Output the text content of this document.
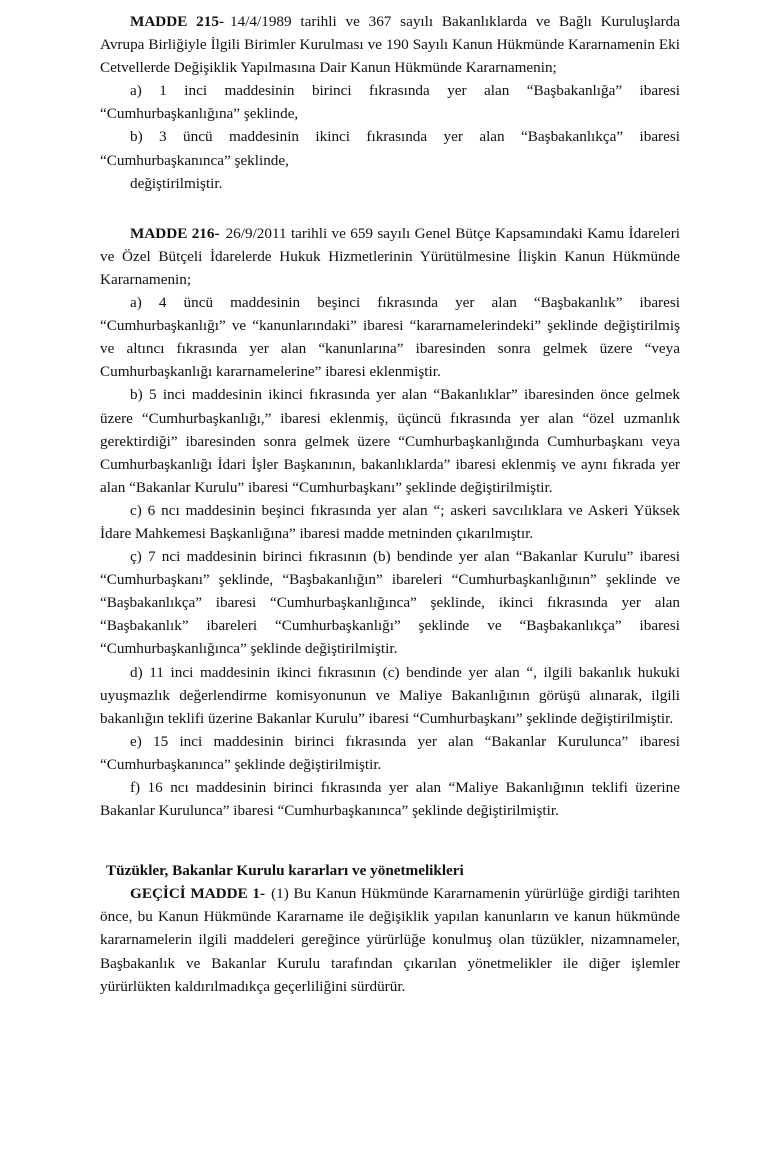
MADDE 215- 14/4/1989 tarihli ve 367 sayılı Bakanlıklarda ve Bağlı Kuruluşlarda Avrupa Birliğiyle İlgili Birimler Kurulması ve 190 Sayılı Kanun Hükmünde Kararnamenin Eki Cetvellerde Değişiklik Yapılmasına Dair Kanun Hükmünde Kararnamenin;

a) 1 inci maddesinin birinci fıkrasında yer alan “Başbakanlığa” ibaresi “Cumhurbaşkanlığına” şeklinde,

b) 3 üncü maddesinin ikinci fıkrasında yer alan “Başbakanlıkça” ibaresi “Cumhurbaşkanınca” şeklinde,

değiştirilmiştir.

MADDE 216- 26/9/2011 tarihli ve 659 sayılı Genel Bütçe Kapsamındaki Kamu İdareleri ve Özel Bütçeli İdarelerde Hukuk Hizmetlerinin Yürütülmesine İlişkin Kanun Hükmünde Kararnamenin;

a) 4 üncü maddesinin beşinci fıkrasında yer alan “Başbakanlık” ibaresi “Cumhurbaşkanlığı” ve “kanunlarındaki” ibaresi “kararnamelerindeki” şeklinde değiştirilmiş ve altıncı fıkrasında yer alan “kanunlarına” ibaresinden sonra gelmek üzere “veya Cumhurbaşkanlığı kararnamelerine” ibaresi eklenmiştir.

b) 5 inci maddesinin ikinci fıkrasında yer alan “Bakanlıklar” ibaresinden önce gelmek üzere “Cumhurbaşkanlığı,” ibaresi eklenmiş, üçüncü fıkrasında yer alan “özel uzmanlık gerektirdiği” ibaresinden sonra gelmek üzere “Cumhurbaşkanlığında Cumhurbaşkanı veya Cumhurbaşkanlığı İdari İşler Başkanının, bakanlıklarda” ibaresi eklenmiş ve aynı fıkrada yer alan “Bakanlar Kurulu” ibaresi “Cumhurbaşkanı” şeklinde değiştirilmiştir.

c) 6 ncı maddesinin beşinci fıkrasında yer alan “; askeri savcılıklara ve Askeri Yüksek İdare Mahkemesi Başkanlığına” ibaresi madde metninden çıkarılmıştır.

ç) 7 nci maddesinin birinci fıkrasının (b) bendinde yer alan “Bakanlar Kurulu” ibaresi “Cumhurbaşkanı” şeklinde, “Başbakanlığın” ibareleri “Cumhurbaşkanlığının” şeklinde ve “Başbakanlıkça” ibaresi “Cumhurbaşkanlığınca” şeklinde, ikinci fıkrasında yer alan “Başbakanlık” ibareleri “Cumhurbaşkanlığı” şeklinde ve “Başbakanlıkça” ibaresi “Cumhurbaşkanlığınca” şeklinde değiştirilmiştir.

d) 11 inci maddesinin ikinci fıkrasının (c) bendinde yer alan “, ilgili bakanlık hukuki uyuşmazlık değerlendirme komisyonunun ve Maliye Bakanlığının görüşü alınarak, ilgili bakanlığın teklifi üzerine Bakanlar Kurulu” ibaresi “Cumhurbaşkanı” şeklinde değiştirilmiştir.

e) 15 inci maddesinin birinci fıkrasında yer alan “Bakanlar Kurulunca” ibaresi “Cumhurbaşkanınca” şeklinde değiştirilmiştir.

f) 16 ncı maddesinin birinci fıkrasında yer alan “Maliye Bakanlığının teklifi üzerine Bakanlar Kurulunca” ibaresi “Cumhurbaşkanınca” şeklinde değiştirilmiştir.

Tüzükler, Bakanlar Kurulu kararları ve yönetmelikleri

GEÇİCİ MADDE 1- (1) Bu Kanun Hükmünde Kararnamenin yürürlüğe girdiği tarihten önce, bu Kanun Hükmünde Kararname ile değişiklik yapılan kanunların ve kanun hükmünde kararnamelerin ilgili maddeleri gereğince yürürlüğe konulmuş olan tüzükler, nizamnameler, Başbakanlık ve Bakanlar Kurulu tarafından çıkarılan yönetmelikler ile diğer işlemler yürürlükten kaldırılmadıkça geçerliliğini sürdürür.
